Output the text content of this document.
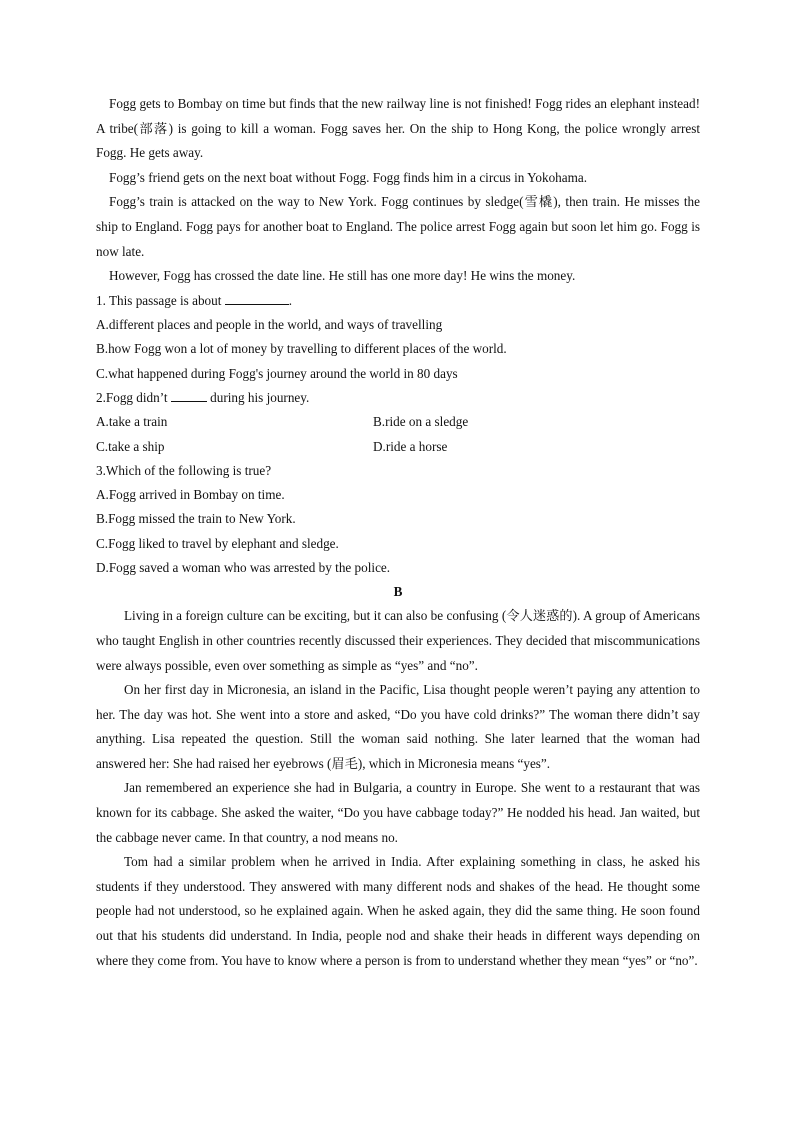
Fogg gets to Bombay on time but finds that the new railway line is not finished! Fogg rides an elephant instead! A tribe(部落) is going to kill a woman. Fogg saves her. On the ship to Hong Kong, the police wrongly arrest Fogg. He gets away.

Fogg’s friend gets on the next boat without Fogg. Fogg finds him in a circus in Yokohama.

Fogg’s train is attacked on the way to New York. Fogg continues by sledge(雪橇), then train. He misses the ship to England. Fogg pays for another boat to England. The police arrest Fogg again but soon let him go. Fogg is now late.

However, Fogg has crossed the date line. He still has one more day! He wins the money.

1. This passage is about	.

A.different places and people in the world, and ways of travelling

B.how Fogg won a lot of money by travelling to different places of the world.

C.what happened during Fogg's journey around the world in 80 days

2.Fogg didn’t	during his journey.

A.take a train	B.ride on a sledge
C.take a ship	D.ride a horse

3.Which of the following is true?

A.Fogg arrived in Bombay on time.

B.Fogg missed the train to New York.

C.Fogg liked to travel by elephant and sledge.

D.Fogg saved a woman who was arrested by the police.

B

Living in a foreign culture can be exciting, but it can also be confusing (令人迷惑的). A group of Americans who taught English in other countries recently discussed their experiences. They decided that miscommunications were always possible, even over something as simple as “yes” and “no”.

On her first day in Micronesia, an island in the Pacific, Lisa thought people weren’t paying any attention to her. The day was hot. She went into a store and asked, “Do you have cold drinks?” The woman there didn’t say anything. Lisa repeated the question. Still the woman said nothing. She later learned that the woman had answered her: She had raised her eyebrows (眉毛), which in Micronesia means “yes”.

Jan remembered an experience she had in Bulgaria, a country in Europe. She went to a restaurant that was known for its cabbage. She asked the waiter, “Do you have cabbage today?” He nodded his head. Jan waited, but the cabbage never came. In that country, a nod means no.

Tom had a similar problem when he arrived in India. After explaining something in class, he asked his students if they understood. They answered with many different nods and shakes of the head. He thought some people had not understood, so he explained again. When he asked again, they did the same thing. He soon found out that his students did understand. In India, people nod and shake their heads in different ways depending on where they come from. You have to know where a person is from to understand whether they mean “yes” or “no”.
